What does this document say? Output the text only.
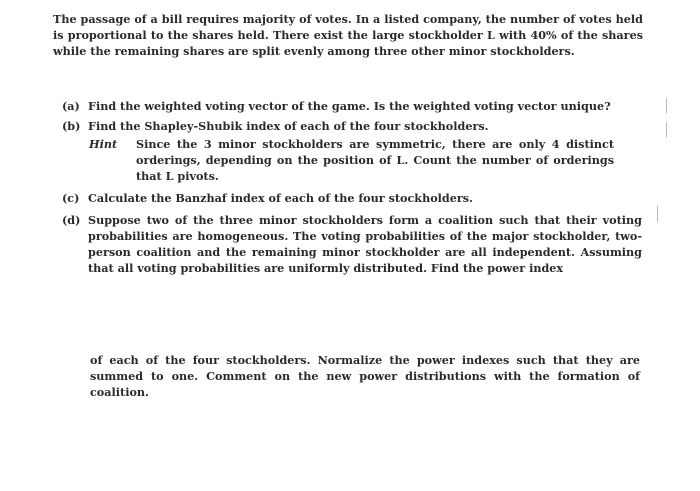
The passage of a bill requires majority of votes. In a listed company, the number of votes held is proportional to the shares held. There exist the large stockholder L with 40% of the shares while the remaining shares are split evenly among three other minor stockholders.

(a) Find the weighted voting vector of the game. Is the weighted voting vector unique?
(b) Find the Shapley-Shubik index of each of the four stockholders.
Hint	Since the 3 minor stockholders are symmetric, there are only 4 distinct orderings, depending on the position of L. Count the number of orderings that L pivots.
(c) Calculate the Banzhaf index of each of the four stockholders.
(d) Suppose two of the three minor stockholders form a coalition such that their voting probabilities are homogeneous. The voting probabilities of the major stockholder, two-person coalition and the remaining minor stockholder are all independent. Assuming that all voting probabilities are uniformly distributed. Find the power index

of each of the four stockholders. Normalize the power indexes such that they are summed to one. Comment on the new power distributions with the formation of coalition.
